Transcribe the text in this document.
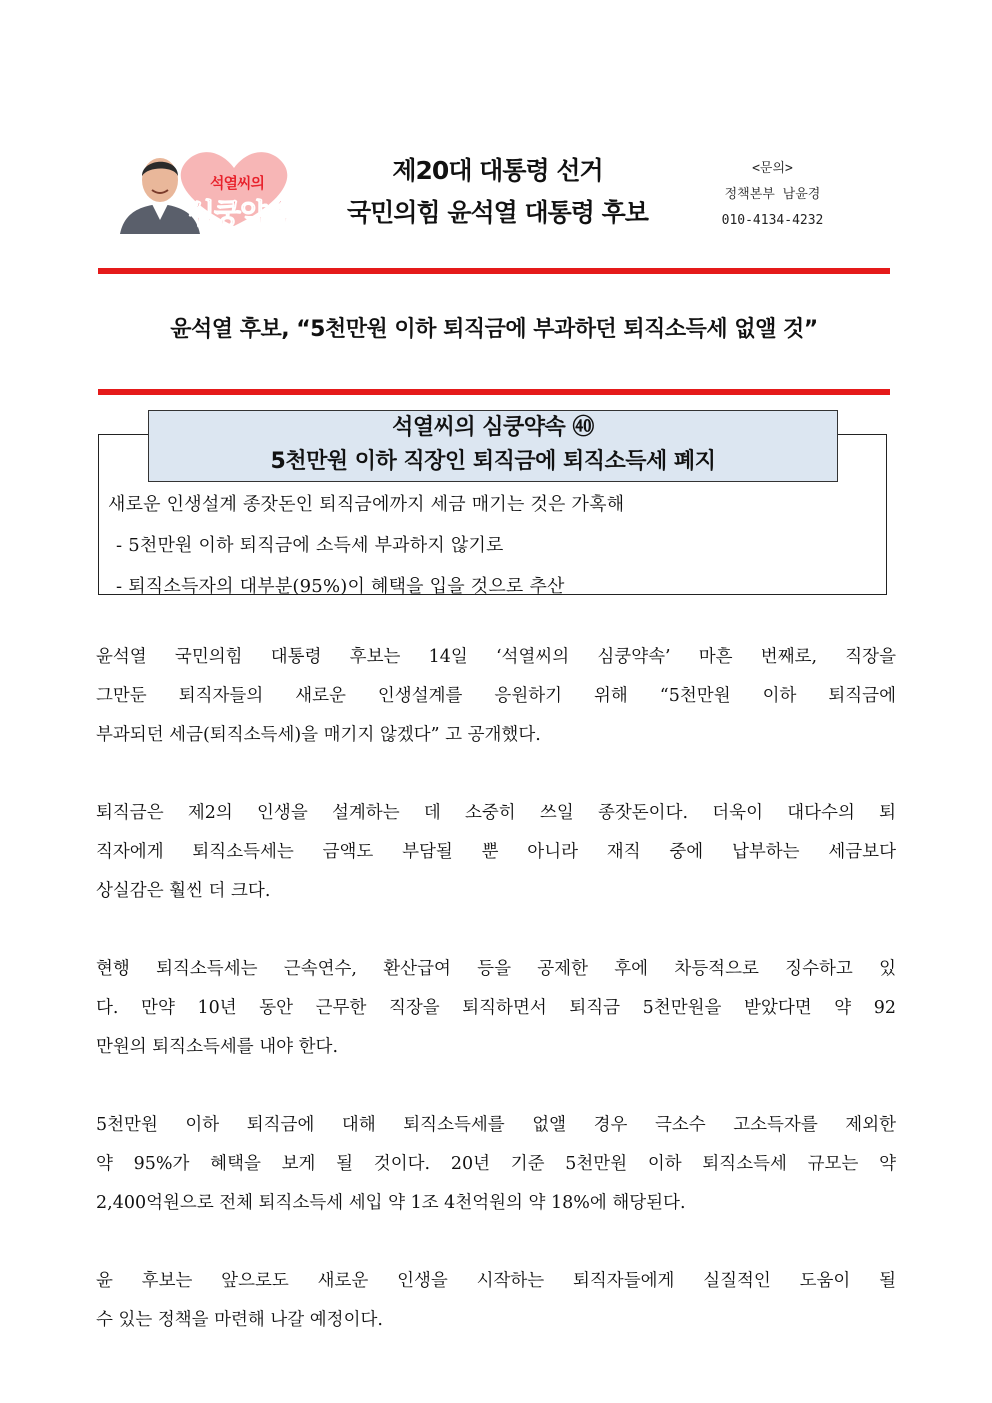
석열씨의
심쿵약속
제20대 대통령 선거
국민의힘 윤석열 대통령 후보
<문의>
정책본부 남윤경
010-4134-4232
윤석열 후보, “5천만원 이하 퇴직금에 부과하던 퇴직소득세 없앨 것”
석열씨의 심쿵약속 ㊵
5천만원 이하 직장인 퇴직금에 퇴직소득세 폐지
새로운 인생설계 종잣돈인 퇴직금에까지 세금 매기는 것은 가혹해
- 5천만원 이하 퇴직금에 소득세 부과하지 않기로
- 퇴직소득자의 대부분(95%)이 혜택을 입을 것으로 추산
윤석열 국민의힘 대통령 후보는 14일 ‘석열씨의 심쿵약속’ 마흔 번째로, 직장을
그만둔 퇴직자들의 새로운 인생설계를 응원하기 위해 “5천만원 이하 퇴직금에
부과되던 세금(퇴직소득세)을 매기지 않겠다” 고 공개했다.
퇴직금은 제2의 인생을 설계하는 데 소중히 쓰일 종잣돈이다. 더욱이 대다수의 퇴
직자에게 퇴직소득세는 금액도 부담될 뿐 아니라 재직 중에 납부하는 세금보다
상실감은 훨씬 더 크다.
현행 퇴직소득세는 근속연수, 환산급여 등을 공제한 후에 차등적으로 징수하고 있
다. 만약 10년 동안 근무한 직장을 퇴직하면서 퇴직금 5천만원을 받았다면 약 92
만원의 퇴직소득세를 내야 한다.
5천만원 이하 퇴직금에 대해 퇴직소득세를 없앨 경우 극소수 고소득자를 제외한
약 95%가 혜택을 보게 될 것이다. 20년 기준 5천만원 이하 퇴직소득세 규모는 약
2,400억원으로 전체 퇴직소득세 세입 약 1조 4천억원의 약 18%에 해당된다.
윤 후보는 앞으로도 새로운 인생을 시작하는 퇴직자들에게 실질적인 도움이 될
수 있는 정책을 마련해 나갈 예정이다.
